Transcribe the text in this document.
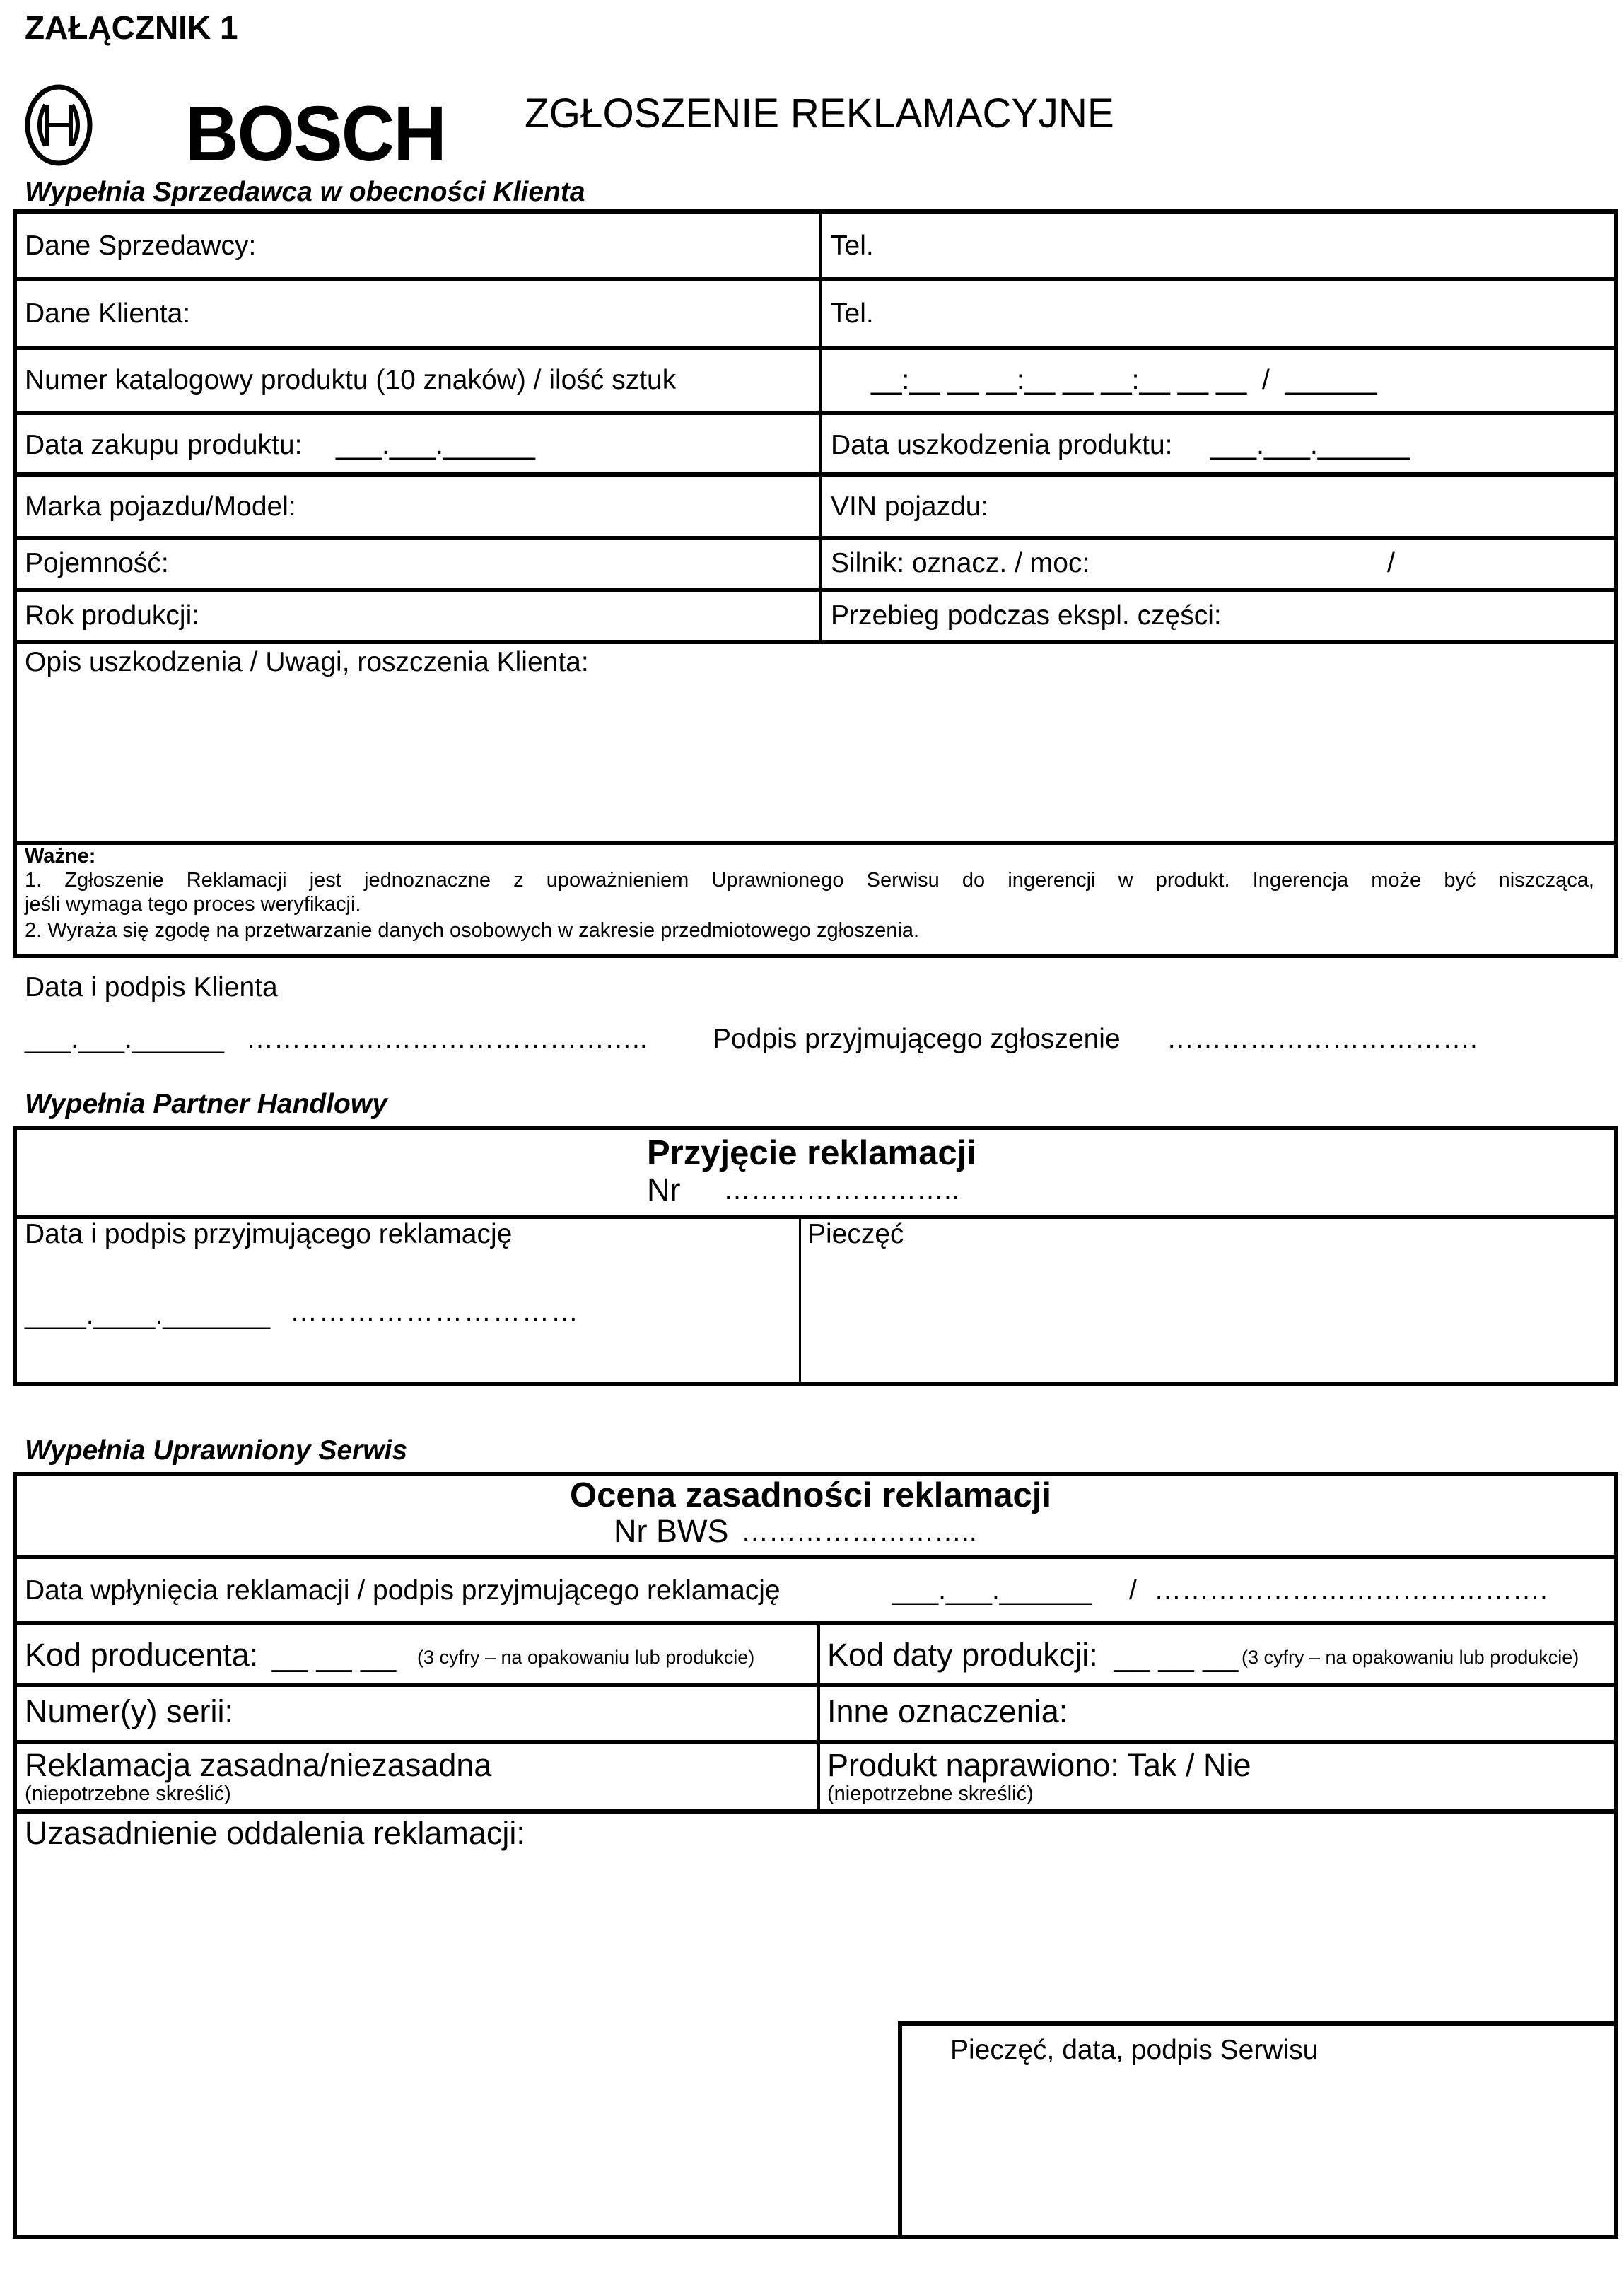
ZAŁĄCZNIK 1
BOSCH ZGŁOSZENIE REKLAMACYJNE
Wypełnia Sprzedawca w obecności Klienta
Dane Sprzedawcy:	Tel.
Dane Klienta:	Tel.
Numer katalogowy produktu (10 znaków) / ilość sztuk	__:__ __ __:__ __ __:__ __ __  /  ______
Data zakupu produktu: ___.___.______	Data uszkodzenia produktu: ___.___.______
Marka pojazdu/Model:	VIN pojazdu:
Pojemność:	Silnik: oznacz. / moc:	/
Rok produkcji:	Przebieg podczas ekspl. części:
Opis uszkodzenia / Uwagi, roszczenia Klienta:
Ważne:
1. Zgłoszenie Reklamacji jest jednoznaczne z upoważnieniem Uprawnionego Serwisu do ingerencji w produkt. Ingerencja może być niszcząca,
jeśli wymaga tego proces weryfikacji.
2. Wyraża się zgodę na przetwarzanie danych osobowych w zakresie przedmiotowego zgłoszenia.
Data i podpis Klienta
___.___.______ …………………………………….. Podpis przyjmującego zgłoszenie …………………………….
Wypełnia Partner Handlowy
Przyjęcie reklamacji
Nr ……………………..
Data i podpis przyjmującego reklamację
____.____._______ …………………………
Pieczęć
Wypełnia Uprawniony Serwis
Ocena zasadności reklamacji
Nr BWS ……………………..
Data wpłynięcia reklamacji / podpis przyjmującego reklamację	___.___.______ / …………………………………….
Kod producenta: __ __ __ (3 cyfry – na opakowaniu lub produkcie) Kod daty produkcji: __ __ __ (3 cyfry – na opakowaniu lub produkcie)
Numer(y) serii:	Inne oznaczenia:
Reklamacja zasadna/niezasadna
(niepotrzebne skreślić)
Produkt naprawiono: Tak / Nie
(niepotrzebne skreślić)
Uzasadnienie oddalenia reklamacji:
Pieczęć, data, podpis Serwisu
